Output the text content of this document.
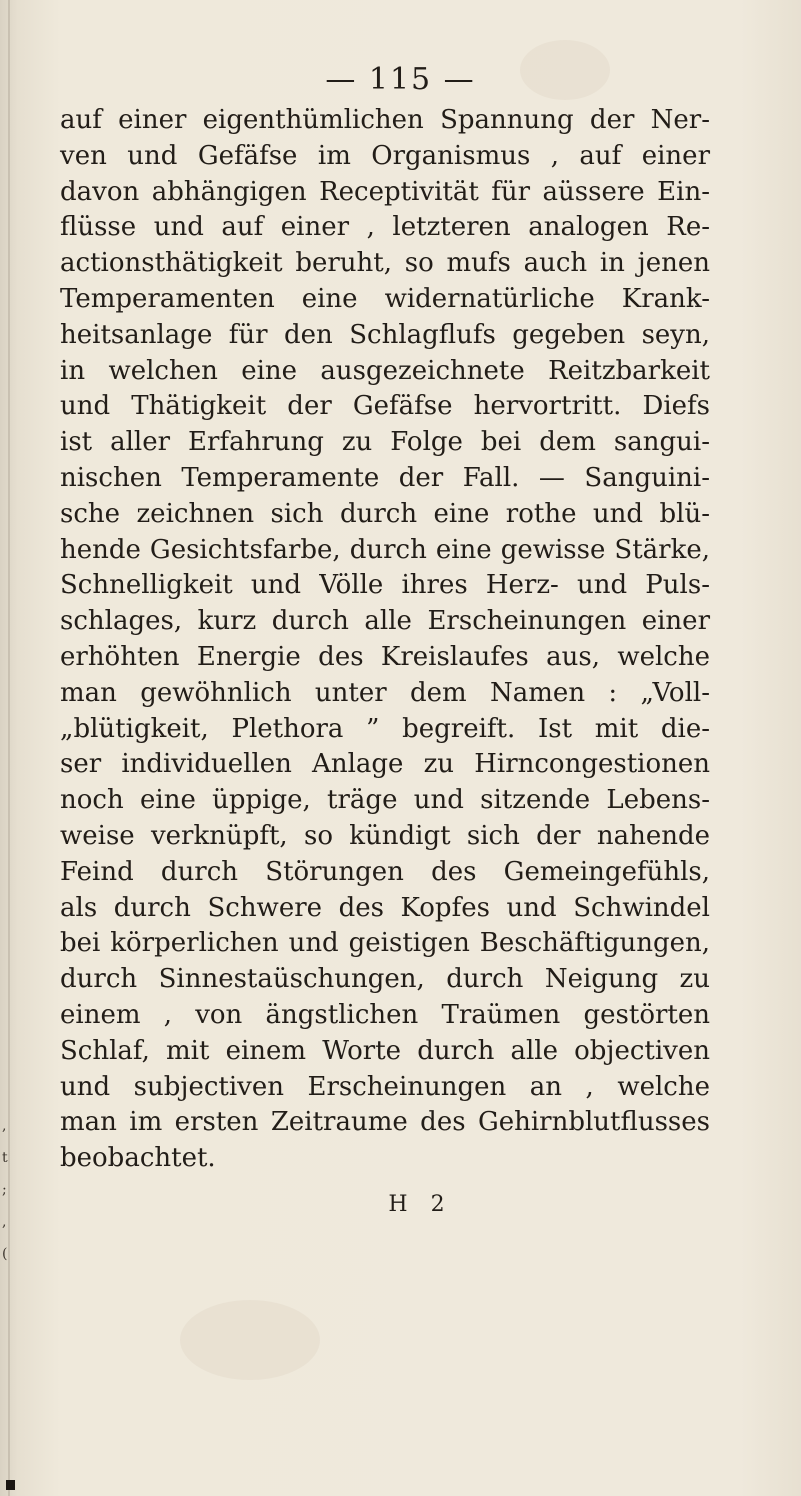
,
t
;
,
(
— 115 —
auf einer eigenthümlichen Spannung der Ner-
ven und Gefäfse im Organismus , auf einer
davon abhängigen Receptivität für aüssere Ein-
flüsse und auf einer , letzteren analogen Re-
actionsthätigkeit beruht, so mufs auch in jenen
Temperamenten eine widernatürliche Krank-
heitsanlage für den Schlagflufs gegeben seyn,
in welchen eine ausgezeichnete Reitzbarkeit
und Thätigkeit der Gefäfse hervortritt. Diefs
ist aller Erfahrung zu Folge bei dem sangui-
nischen Temperamente der Fall. — Sanguini-
sche zeichnen sich durch eine rothe und blü-
hende Gesichtsfarbe, durch eine gewisse Stärke,
Schnelligkeit und Völle ihres Herz- und Puls-
schlages, kurz durch alle Erscheinungen einer
erhöhten Energie des Kreislaufes aus, welche
man gewöhnlich unter dem Namen : „Voll-
„blütigkeit, Plethora ” begreift. Ist mit die-
ser individuellen Anlage zu Hirncongestionen
noch eine üppige, träge und sitzende Lebens-
weise verknüpft, so kündigt sich der nahende
Feind durch Störungen des Gemeingefühls,
als durch Schwere des Kopfes und Schwindel
bei körperlichen und geistigen Beschäftigungen,
durch Sinnestaüschungen, durch Neigung zu
einem , von ängstlichen Traümen gestörten
Schlaf, mit einem Worte durch alle objectiven
und subjectiven Erscheinungen an , welche
man im ersten Zeitraume des Gehirnblutflusses
beobachtet.
H 2
